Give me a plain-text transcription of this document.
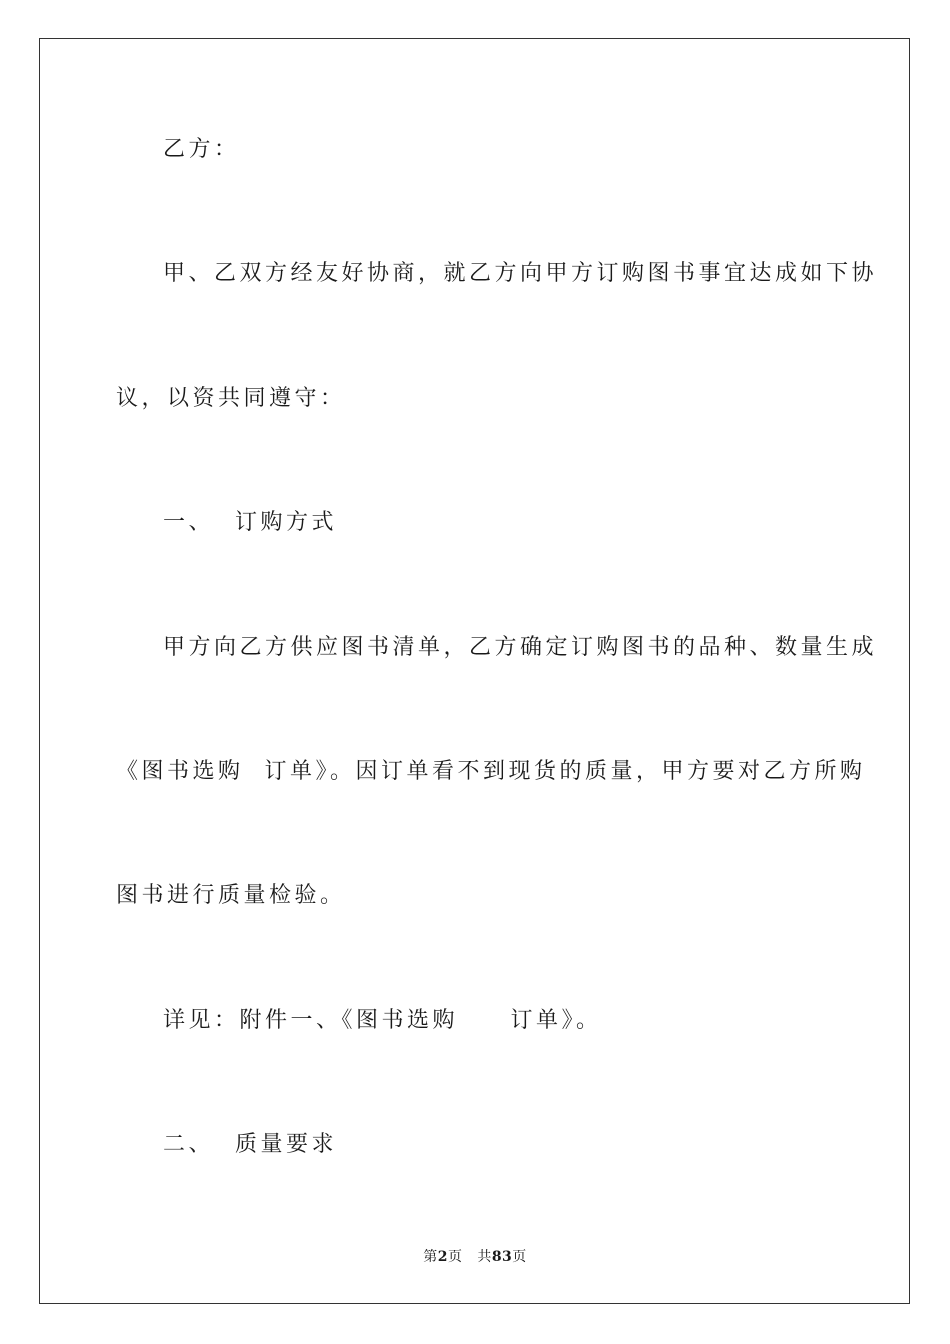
乙方：

甲、乙双方经友好协商，就乙方向甲方订购图书事宜达成如下协

议，以资共同遵守：

一、  订购方式

甲方向乙方供应图书清单，乙方确定订购图书的品种、数量生成

《图书选购  订单》。因订单看不到现货的质量，甲方要对乙方所购

图书进行质量检验。

详见：附件一、《图书选购     订单》。

二、  质量要求

第2页 共83页
